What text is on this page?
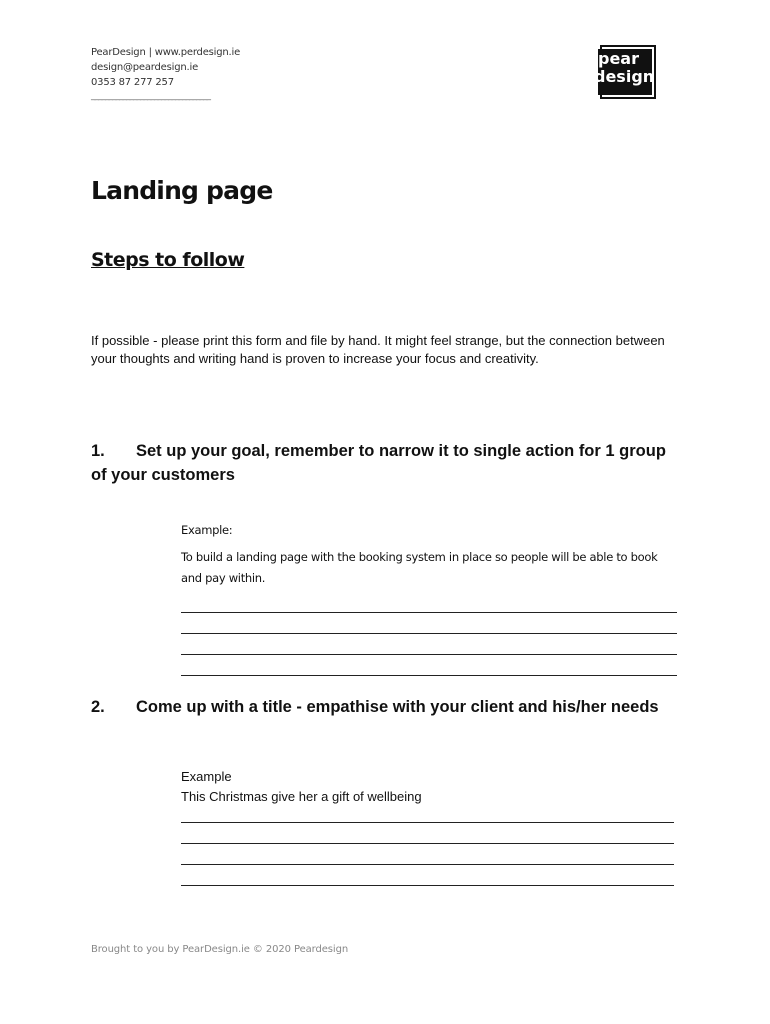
PearDesign | www.perdesign.ie
design@peardesign.ie
0353 87 277 257
__________________________________
pear
design
Landing page
Steps to follow
If possible - please print this form and file by hand. It might feel strange, but the connection between your thoughts and writing hand is proven to increase your focus and creativity.
1. Set up your goal, remember to narrow it to single action for 1 group of your customers
Example:
To build a landing page with the booking system in place so people will be able to book and pay within.
2. Come up with a title - empathise with your client and his/her needs
Example
This Christmas give her a gift of wellbeing
Brought to you by PearDesign.ie © 2020 Peardesign
